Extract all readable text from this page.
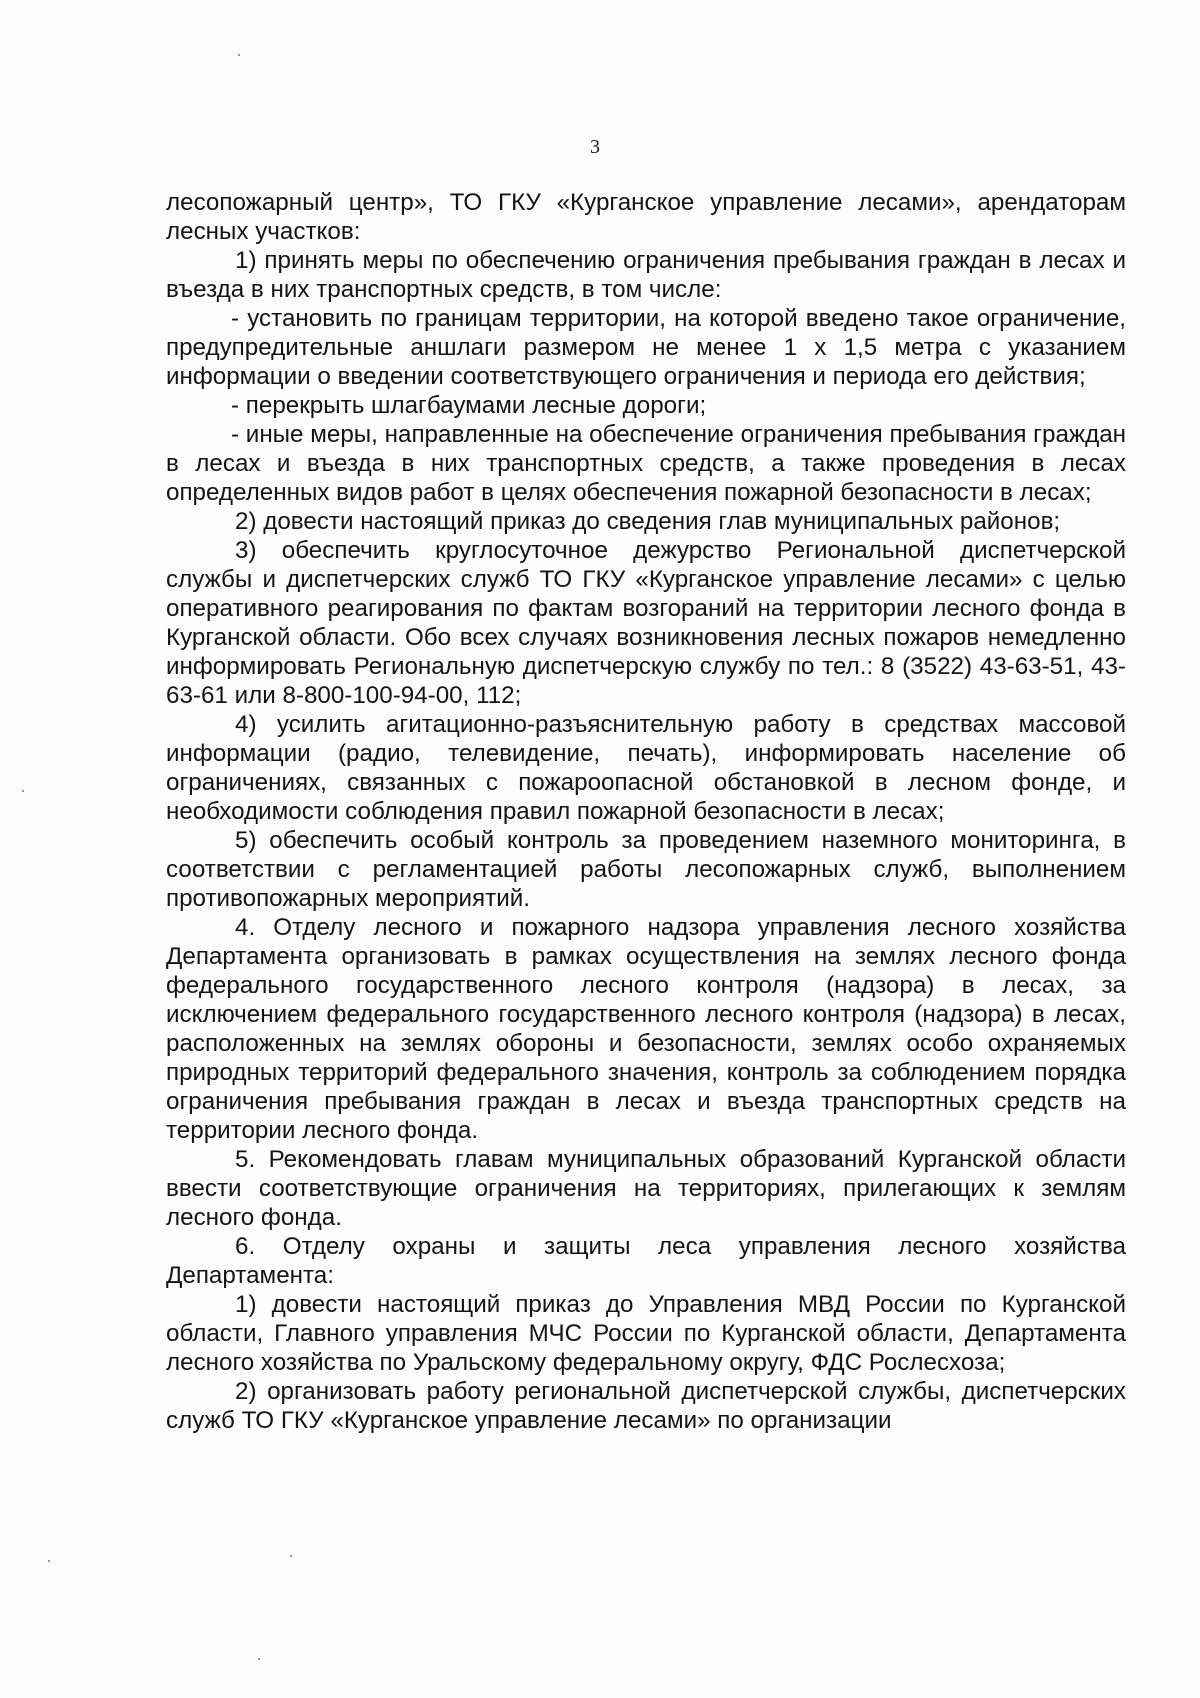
3

лесопожарный центр», ТО ГКУ «Курганское управление лесами», арендаторам лесных участков:

1) принять меры по обеспечению ограничения пребывания граждан в лесах и въезда в них транспортных средств, в том числе:

- установить по границам территории, на которой введено такое ограничение, предупредительные аншлаги размером не менее 1 х 1,5 метра с указанием информации о введении соответствующего ограничения и периода его действия;

- перекрыть шлагбаумами лесные дороги;

- иные меры, направленные на обеспечение ограничения пребывания граждан в лесах и въезда в них транспортных средств, а также проведения в лесах определенных видов работ в целях обеспечения пожарной безопасности в лесах;

2) довести настоящий приказ до сведения глав муниципальных районов;

3) обеспечить круглосуточное дежурство Региональной диспетчерской службы и диспетчерских служб ТО ГКУ «Курганское управление лесами» с целью оперативного реагирования по фактам возгораний на территории лесного фонда в Курганской области. Обо всех случаях возникновения лесных пожаров немедленно информировать Региональную диспетчерскую службу по тел.: 8 (3522) 43-63-51, 43-63-61 или 8-800-100-94-00, 112;

4) усилить агитационно-разъяснительную работу в средствах массовой информации (радио, телевидение, печать), информировать население об ограничениях, связанных с пожароопасной обстановкой в лесном фонде, и необходимости соблюдения правил пожарной безопасности в лесах;

5) обеспечить особый контроль за проведением наземного мониторинга, в соответствии с регламентацией работы лесопожарных служб, выполнением противопожарных мероприятий.

4. Отделу лесного и пожарного надзора управления лесного хозяйства Департамента организовать в рамках осуществления на землях лесного фонда федерального государственного лесного контроля (надзора) в лесах, за исключением федерального государственного лесного контроля (надзора) в лесах, расположенных на землях обороны и безопасности, землях особо охраняемых природных территорий федерального значения, контроль за соблюдением порядка ограничения пребывания граждан в лесах и въезда транспортных средств на территории лесного фонда.

5. Рекомендовать главам муниципальных образований Курганской области ввести соответствующие ограничения на территориях, прилегающих к землям лесного фонда.

6. Отделу охраны и защиты леса управления лесного хозяйства Департамента:

1) довести настоящий приказ до Управления МВД России по Курганской области, Главного управления МЧС России по Курганской области, Департамента лесного хозяйства по Уральскому федеральному округу, ФДС Рослесхоза;

2) организовать работу региональной диспетчерской службы, диспетчерских служб ТО ГКУ «Курганское управление лесами» по организации
